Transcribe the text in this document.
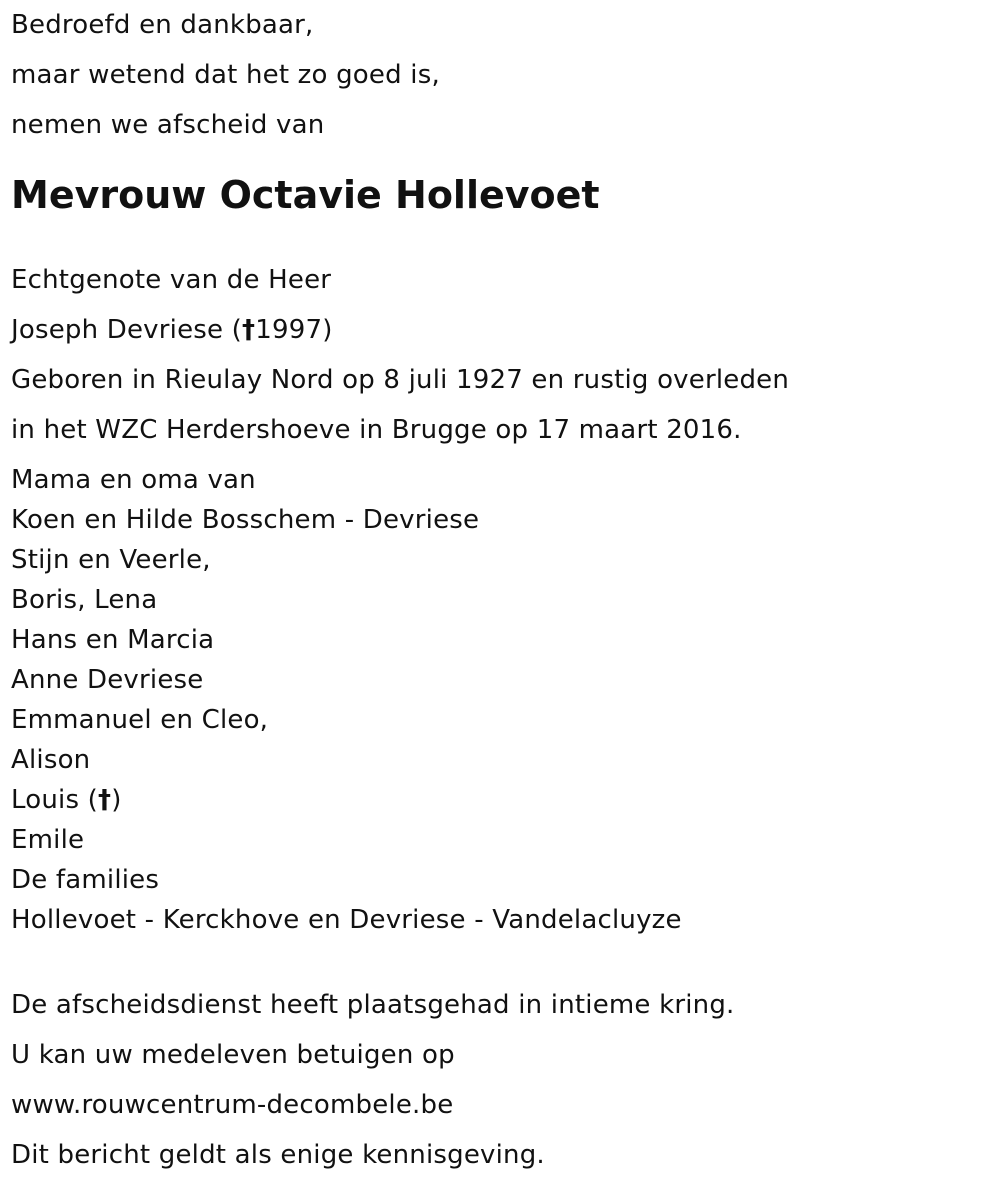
Bedroefd en dankbaar,

maar wetend dat het zo goed is,

nemen we afscheid van

Mevrouw Octavie Hollevoet

Echtgenote van de Heer

Joseph Devriese (†1997)

Geboren in Rieulay Nord op 8 juli 1927 en rustig overleden

in het WZC Herdershoeve in Brugge op 17 maart 2016.

Mama en oma van

Koen en Hilde Bosschem - Devriese

Stijn en Veerle,

Boris, Lena

Hans en Marcia

Anne Devriese

Emmanuel en Cleo,

Alison

Louis (†)

Emile

De families

Hollevoet - Kerckhove en Devriese - Vandelacluyze

De afscheidsdienst heeft plaatsgehad in intieme kring.

U kan uw medeleven betuigen op

www.rouwcentrum-decombele.be

Dit bericht geldt als enige kennisgeving.
